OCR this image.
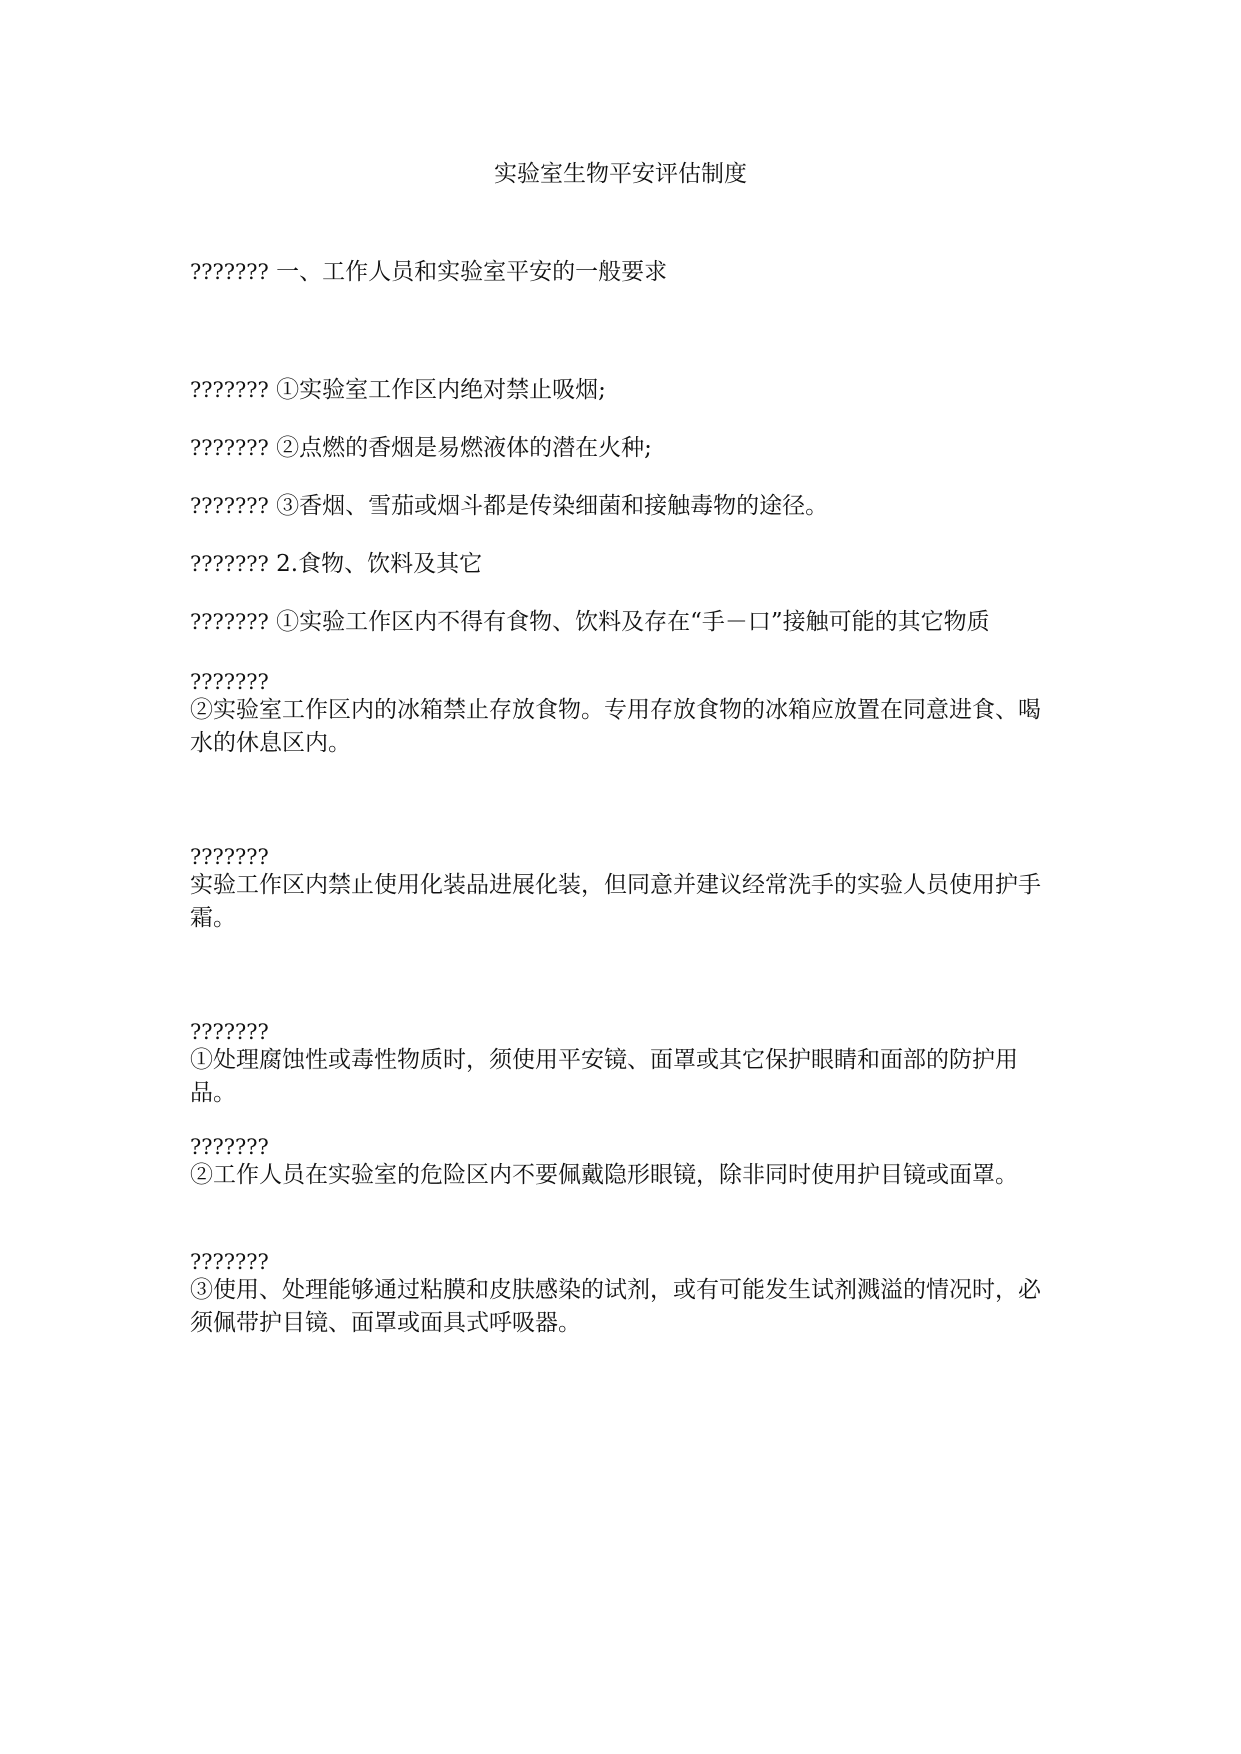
实验室生物平安评估制度
??????? 一、工作人员和实验室平安的一般要求
??????? ①实验室工作区内绝对禁止吸烟;
??????? ②点燃的香烟是易燃液体的潜在火种;
??????? ③香烟、雪茄或烟斗都是传染细菌和接触毒物的途径。
??????? 2.食物、饮料及其它
??????? ①实验工作区内不得有食物、饮料及存在“手－口”接触可能的其它物质
???????
②实验室工作区内的冰箱禁止存放食物。专用存放食物的冰箱应放置在同意进食、喝水的休息区内。
???????
实验工作区内禁止使用化装品进展化装，但同意并建议经常洗手的实验人员使用护手霜。
???????
①处理腐蚀性或毒性物质时，须使用平安镜、面罩或其它保护眼睛和面部的防护用品。
???????
②工作人员在实验室的危险区内不要佩戴隐形眼镜，除非同时使用护目镜或面罩。
???????
③使用、处理能够通过粘膜和皮肤感染的试剂，或有可能发生试剂溅溢的情况时，必须佩带护目镜、面罩或面具式呼吸器。
